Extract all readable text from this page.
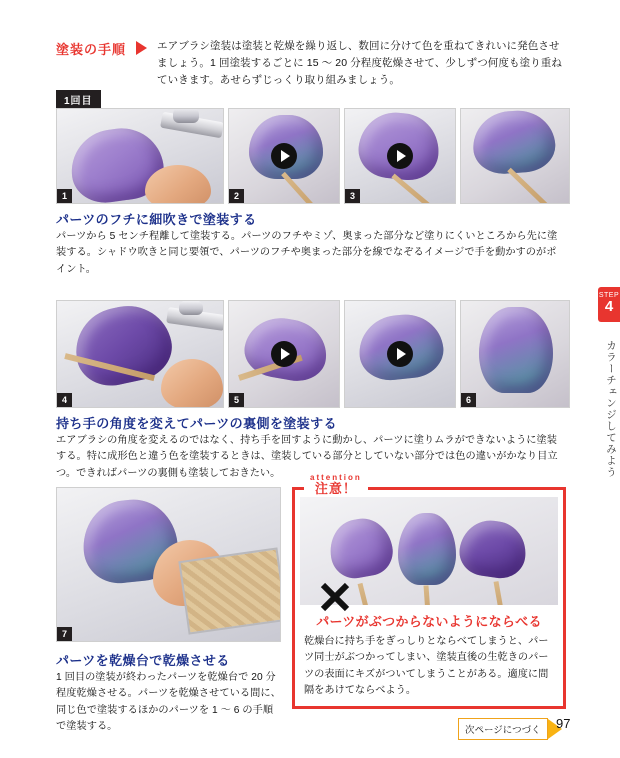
塗装の手順	エアブラシ塗装は塗装と乾燥を繰り返し、数回に分けて色を重ねてきれいに発色させましょう。1 回塗装するごとに 15 〜 20 分程度乾燥させて、少しずつ何度も塗り重ねていきます。あせらずじっくり取り組みましょう。
1回目
1	2	3
パーツのフチに細吹きで塗装する
パーツから 5 センチ程離して塗装する。パーツのフチやミゾ、奥まった部分など塗りにくいところから先に塗装する。シャドウ吹きと同じ要領で、パーツのフチや奥まった部分を線でなぞるイメージで手を動かすのがポイント。
4	5	6
持ち手の角度を変えてパーツの裏側を塗装する
エアブラシの角度を変えるのではなく、持ち手を回すように動かし、パーツに塗りムラができないように塗装する。特に成形色と違う色を塗装するときは、塗装している部分としていない部分では色の違いがかなり目立つ。できればパーツの裏側も塗装しておきたい。
7
パーツを乾燥台で乾燥させる
1 回目の塗装が終わったパーツを乾燥台で 20 分程度乾燥させる。パーツを乾燥させている間に、同じ色で塗装するほかのパーツを 1 〜 6 の手順で塗装する。
attention
注意！
パーツがぶつからないようにならべる
乾燥台に持ち手をぎっしりとならべてしまうと、パーツ同士がぶつかってしまい、塗装直後の生乾きのパーツの表面にキズがついてしまうことがある。適度に間隔をあけてならべよう。
STEP
4
カラーチェンジしてみよう
次ページにつづく	97
